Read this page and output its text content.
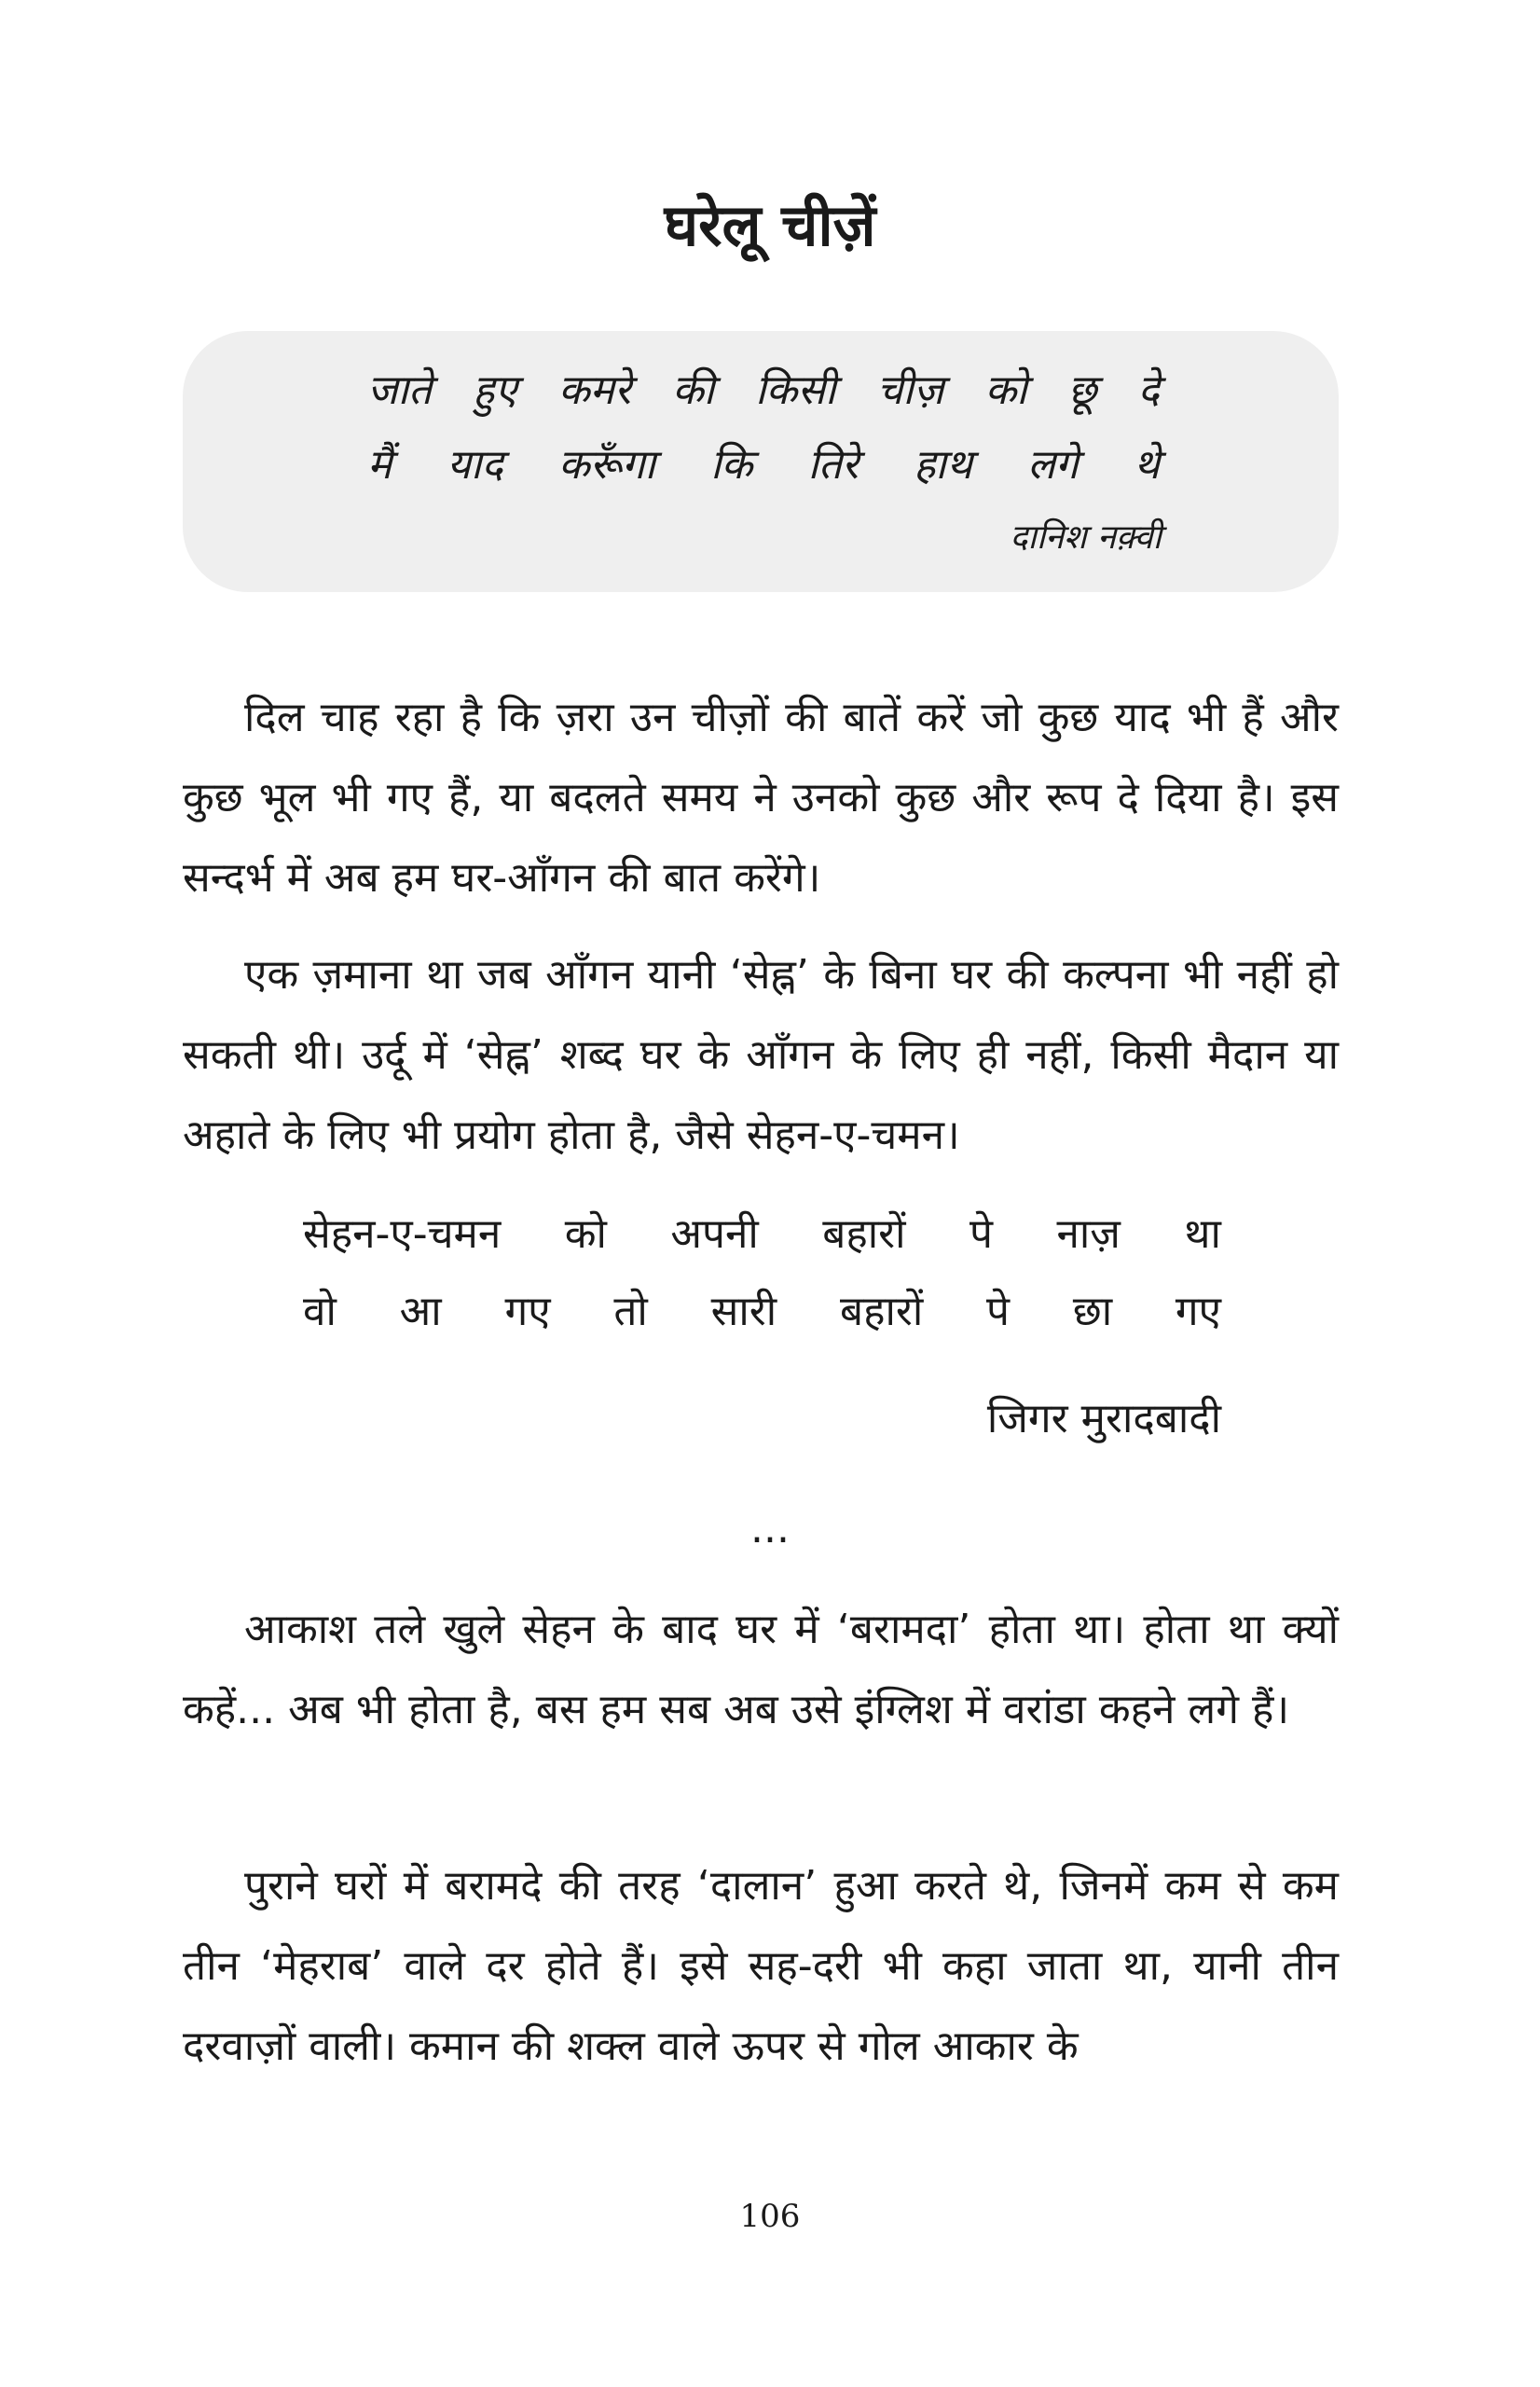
घरेलू चीज़ें
जाते हुए कमरे की किसी चीज़ को छू दे
मैं याद करूँगा कि तिरे हाथ लगे थे
दानिश नक़्वी

दिल चाह रहा है कि ज़रा उन चीज़ों की बातें करें जो कुछ याद भी हैं और कुछ भूल भी गए हैं, या बदलते समय ने उनको कुछ और रूप दे दिया है। इस सन्दर्भ में अब हम घर-आँगन की बात करेंगे।

एक ज़माना था जब आँगन यानी ‘सेह्न’ के बिना घर की कल्पना भी नहीं हो सकती थी। उर्दू में ‘सेह्न’ शब्द घर के आँगन के लिए ही नहीं, किसी मैदान या अहाते के लिए भी प्रयोग होता है, जैसे सेहन-ए-चमन।

सेहन-ए-चमन को अपनी बहारों पे नाज़ था
वो आ गए तो सारी बहारों पे छा गए
जिगर मुरादबादी
...

आकाश तले खुले सेहन के बाद घर में ‘बरामदा’ होता था। होता था क्यों कहें... अब भी होता है, बस हम सब अब उसे इंग्लिश में वरांडा कहने लगे हैं।

पुराने घरों में बरामदे की तरह ‘दालान’ हुआ करते थे, जिनमें कम से कम तीन ‘मेहराब’ वाले दर होते हैं। इसे सह-दरी भी कहा जाता था, यानी तीन दरवाज़ों वाली। कमान की शक्ल वाले ऊपर से गोल आकार के

106
